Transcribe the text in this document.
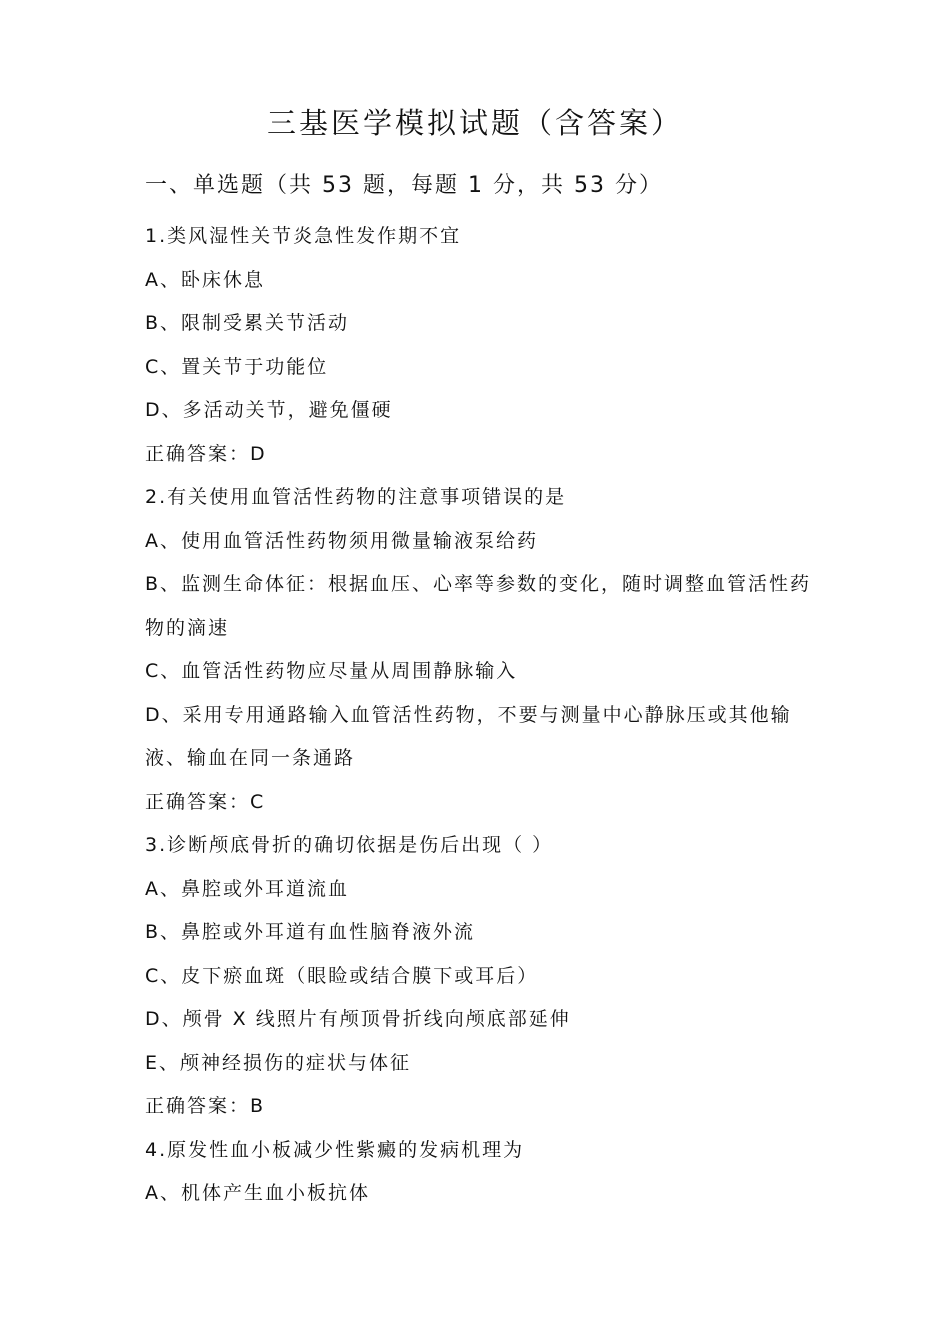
三基医学模拟试题（含答案）
一、单选题（共 53 题，每题 1 分，共 53 分）
1.类风湿性关节炎急性发作期不宜
A、卧床休息
B、限制受累关节活动
C、置关节于功能位
D、多活动关节，避免僵硬
正确答案：D
2.有关使用血管活性药物的注意事项错误的是
A、使用血管活性药物须用微量输液泵给药
B、监测生命体征：根据血压、心率等参数的变化，随时调整血管活性药物的滴速
C、血管活性药物应尽量从周围静脉输入
D、采用专用通路输入血管活性药物，不要与测量中心静脉压或其他输液、输血在同一条通路
正确答案：C
3.诊断颅底骨折的确切依据是伤后出现（ ）
A、鼻腔或外耳道流血
B、鼻腔或外耳道有血性脑脊液外流
C、皮下瘀血斑（眼睑或结合膜下或耳后）
D、颅骨 X 线照片有颅顶骨折线向颅底部延伸
E、颅神经损伤的症状与体征
正确答案：B
4.原发性血小板减少性紫癜的发病机理为
A、机体产生血小板抗体
